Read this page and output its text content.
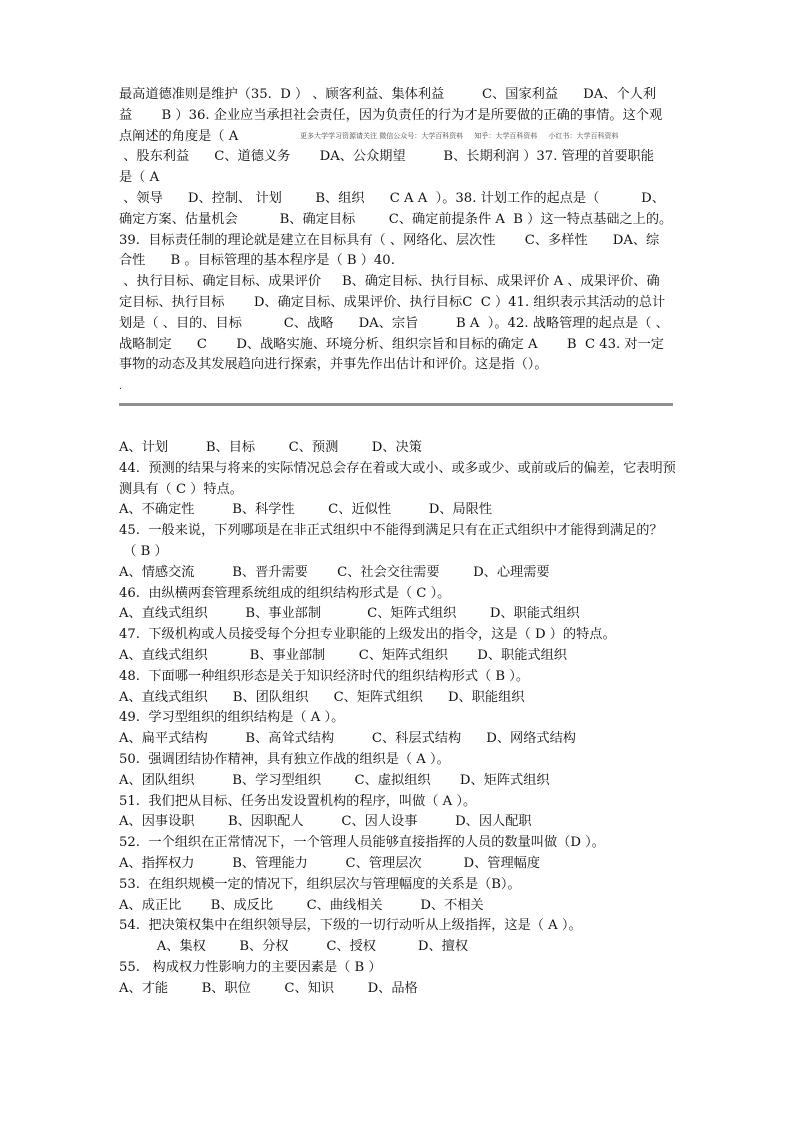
最高道德准则是维护（35.  D ） 、顾客利益、集体利益         C、国家利益      DA、个人利
益       B ）36. 企业应当承担社会责任，因为负责任的行为才是所要做的正确的事情。这个观
点阐述的角度是（ A
、股东利益      C、道德义务       DA、公众期望         B、长期利润 ）37. 管理的首要职能
是（ A
、领导      D、控制、 计划        B、组织      C A A  ）。38. 计划工作的起点是（          D、
确定方案、估量机会          B、确定目标        C、确定前提条件 A  B ）这一特点基础之上的。
39.  目标责任制的理论就是建立在目标具有（ 、网络化、层次性       C、多样性      DA、综
合性      B 。目标管理的基本程序是（ B ）40.
、执行目标、确定目标、成果评价     B、确定目标、执行目标、成果评价 A 、成果评价、确
定目标、执行目标       D、确定目标、成果评价、执行目标C  C ）41. 组织表示其活动的总计
划是（ 、目的、目标          C、战略      DA、宗旨         B A  ）。42. 战略管理的起点是（ 、
战略制定      C       D、战略实施、环境分析、组织宗旨和目标的确定 A       B  C 43. 对一定
事物的动态及其发展趋向进行探索，并事先作出估计和评价。这是指（）。
更多大学学习资源请关注 微信公众号：大学百科资料     知乎：大学百科资料     小红书：大学百科资料
.
A、计划         B、目标        C、预测        D、决策
44.  预测的结果与将来的实际情况总会存在着或大或小、或多或少、或前或后的偏差，它表明预
测具有（ C ）特点。
A、不确定性         B、科学性        C、近似性         D、局限性
45.  一般来说，下列哪项是在非正式组织中不能得到满足只有在正式组织中才能得到满足的？
（ B ）
A、情感交流         B、晋升需要       C、社会交往需要        D、心理需要
46.  由纵横两套管理系统组成的组织结构形式是（ C ）。
A、直线式组织         B、事业部制           C、矩阵式组织        D、职能式组织
47.  下级机构或人员接受每个分担专业职能的上级发出的指令，这是（ D ）的特点。
A、直线式组织          B、事业部制        C、矩阵式组织       D、职能式组织
48.  下面哪一种组织形态是关于知识经济时代的组织结构形式（ B ）。
A、直线式组织      B、团队组织      C、矩阵式组织      D、职能组织
49.  学习型组织的组织结构是（ A ）。
A、扁平式结构         B、高耸式结构         C、科层式结构      D、网络式结构
50.  强调团结协作精神，具有独立作战的组织是（ A ）。
A、团队组织         B、学习型组织        C、虚拟组织       D、矩阵式组织
51.  我们把从目标、任务出发设置机构的程序，叫做（ A ）。
A、因事设职        B、因职配人         C、因人设事         D、因人配职
52.  一个组织在正常情况下，一个管理人员能够直接指挥的人员的数量叫做（D ）。
A、指挥权力         B、管理能力         C、管理层次          D、管理幅度
53.  在组织规模一定的情况下，组织层次与管理幅度的关系是（B）。
A、成正比       B、成反比        C、曲线相关         D、不相关
54.  把决策权集中在组织领导层，下级的一切行动听从上级指挥，这是（ A ）。
A、集权        B、分权         C、授权          D、擅权
55.   构成权力性影响力的主要因素是（ B ）
A、才能        B、职位        C、知识        D、品格
